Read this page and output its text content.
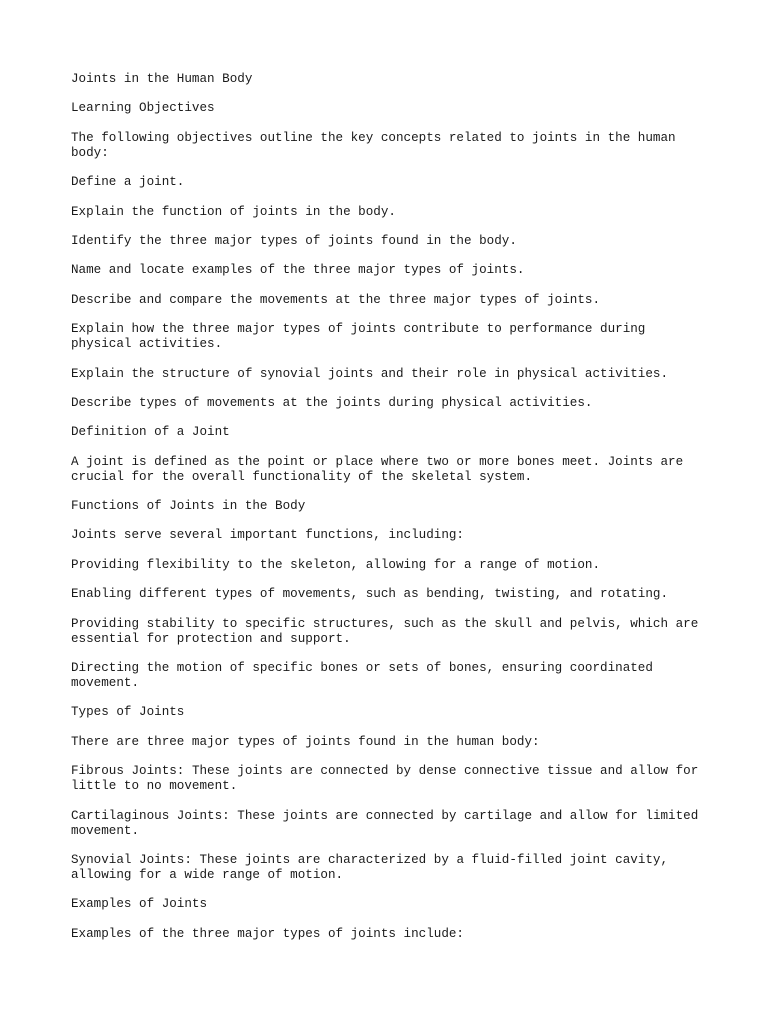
Joints in the Human Body

Learning Objectives

The following objectives outline the key concepts related to joints in the human body:

Define a joint.

Explain the function of joints in the body.

Identify the three major types of joints found in the body.

Name and locate examples of the three major types of joints.

Describe and compare the movements at the three major types of joints.

Explain how the three major types of joints contribute to performance during physical activities.

Explain the structure of synovial joints and their role in physical activities.

Describe types of movements at the joints during physical activities.

Definition of a Joint

A joint is defined as the point or place where two or more bones meet. Joints are crucial for the overall functionality of the skeletal system.

Functions of Joints in the Body

Joints serve several important functions, including:

Providing flexibility to the skeleton, allowing for a range of motion.

Enabling different types of movements, such as bending, twisting, and rotating.

Providing stability to specific structures, such as the skull and pelvis, which are essential for protection and support.

Directing the motion of specific bones or sets of bones, ensuring coordinated movement.

Types of Joints

There are three major types of joints found in the human body:

Fibrous Joints: These joints are connected by dense connective tissue and allow for little to no movement.

Cartilaginous Joints: These joints are connected by cartilage and allow for limited movement.

Synovial Joints: These joints are characterized by a fluid-filled joint cavity, allowing for a wide range of motion.

Examples of Joints

Examples of the three major types of joints include:
